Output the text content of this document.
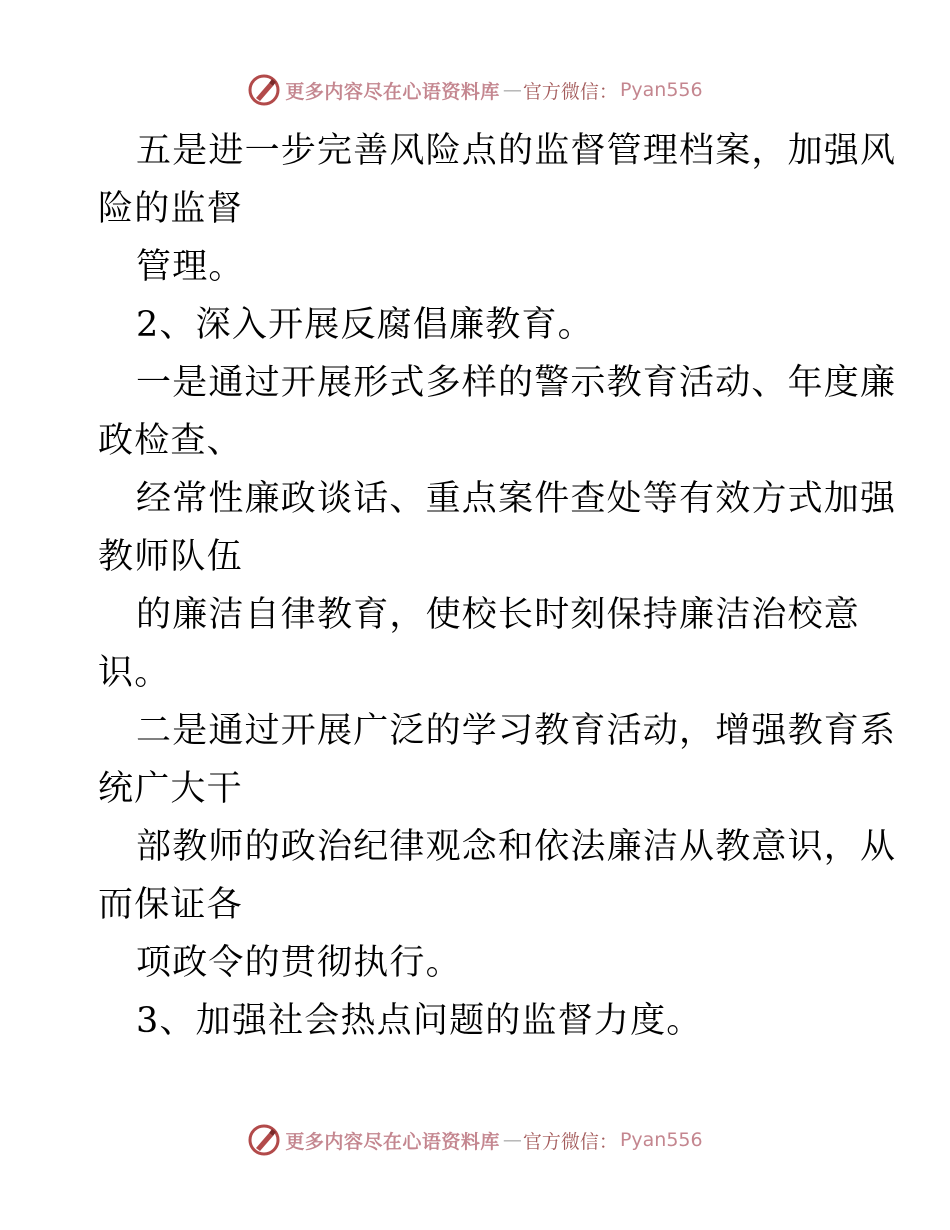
更多内容尽在心语资料库 — 官方微信： Pyan556
五是进一步完善风险点的监督管理档案，加强风
险的监督
管理。
2、深入开展反腐倡廉教育。
一是通过开展形式多样的警示教育活动、年度廉
政检查、
经常性廉政谈话、重点案件查处等有效方式加强
教师队伍
的廉洁自律教育，使校长时刻保持廉洁治校意
识。
二是通过开展广泛的学习教育活动，增强教育系
统广大干
部教师的政治纪律观念和依法廉洁从教意识，从
而保证各
项政令的贯彻执行。
3、加强社会热点问题的监督力度。
更多内容尽在心语资料库 — 官方微信： Pyan556
